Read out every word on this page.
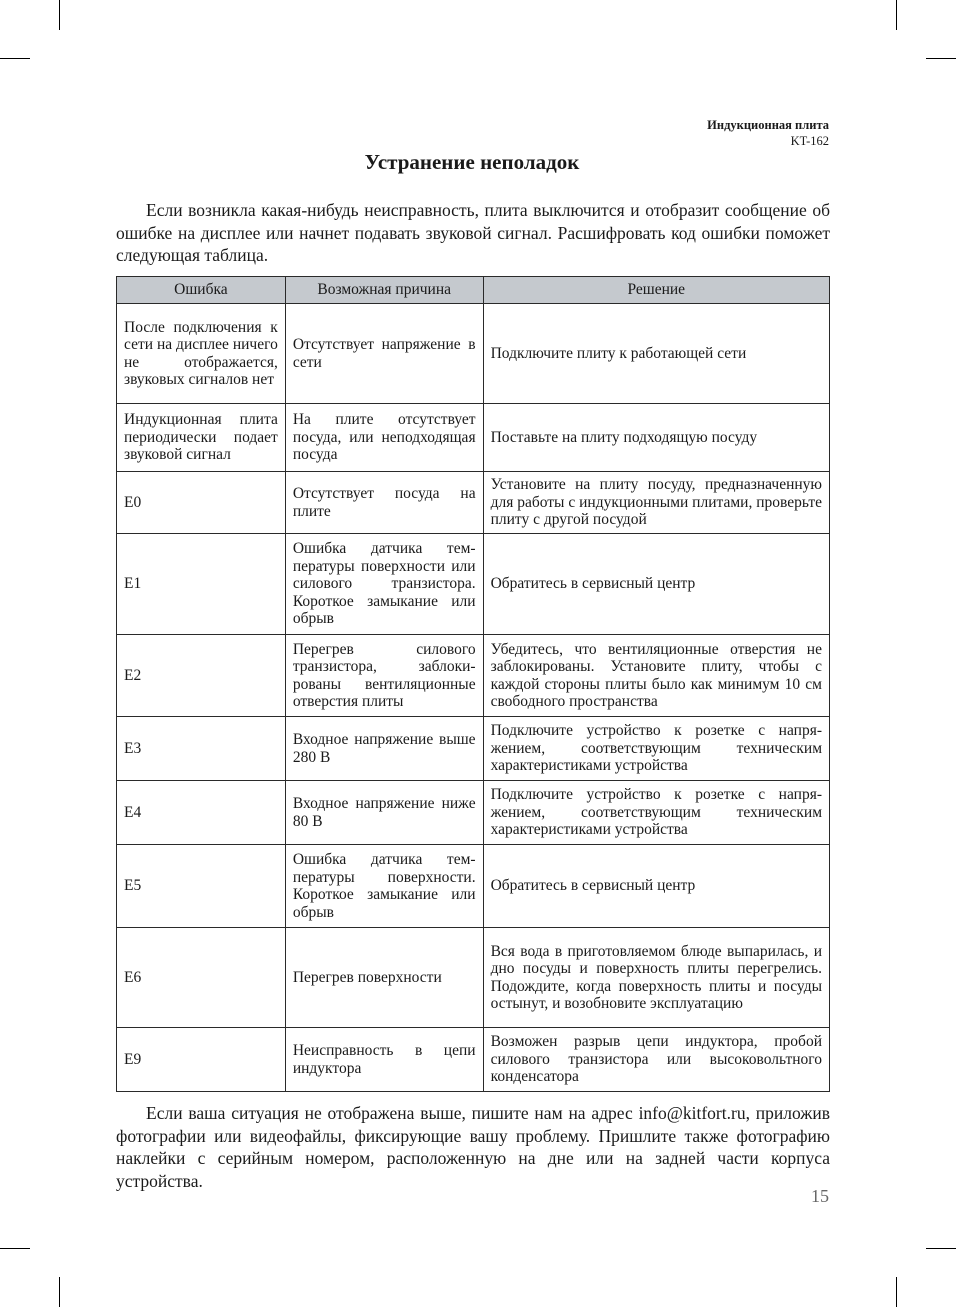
Индукционная плита
KT-162
Устранение неполадок

Если возникла какая-нибудь неисправность, плита выключится и отобразит сообщение об ошибке на дисплее или начнет подавать звуковой сигнал. Расшифровать код ошибки поможет следующая таблица.

Ошибка	Возможная причина	Решение
После подключения к сети на дисплее ничего не отображается, звуковых сигналов нет	Отсутствует напряжение в сети	Подключите плиту к работающей сети
Индукционная плита периодически подает звуковой сигнал	На плите отсутствует посуда, или неподходящая посуда	Поставьте на плиту подходящую посуду
E0	Отсутствует посуда на плите	Установите на плиту посуду, предназначенную для работы с индукционными плитами, проверьте плиту с другой посудой
E1	Ошибка датчика температуры поверхности или силового транзистора. Короткое замыкание или обрыв	Обратитесь в сервисный центр
E2	Перегрев силового транзистора, заблокированы вентиляционные отверстия плиты	Убедитесь, что вентиляционные отверстия не заблокированы. Установите плиту, чтобы с каждой стороны плиты было как минимум 10 см свободного пространства
E3	Входное напряжение выше 280 В	Подключите устройство к розетке с напряжением, соответствующим техническим характеристиками устройства
E4	Входное напряжение ниже 80 В	Подключите устройство к розетке с напряжением, соответствующим техническим характеристиками устройства
E5	Ошибка датчика температуры поверхности. Короткое замыкание или обрыв	Обратитесь в сервисный центр
E6	Перегрев поверхности	Вся вода в приготовляемом блюде выпарилась, и дно посуды и поверхность плиты перегрелись. Подождите, когда поверхность плиты и посуды остынут, и возобновите эксплуатацию
E9	Неисправность в цепи индуктора	Возможен разрыв цепи индуктора, пробой силового транзистора или высоковольтного конденсатора

Если ваша ситуация не отображена выше, пишите нам на адрес info@kitfort.ru, приложив фотографии или видеофайлы, фиксирующие вашу проблему. Пришлите также фотографию наклейки с серийным номером, расположенную на дне или на задней части корпуса устройства.

15
